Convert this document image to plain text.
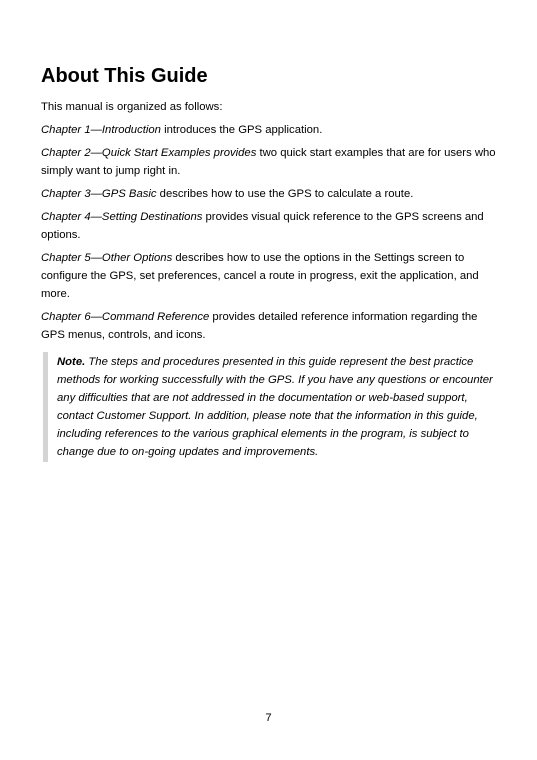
About This Guide

This manual is organized as follows:

Chapter 1—Introduction introduces the GPS application.

Chapter 2—Quick Start Examples provides two quick start examples that are for users who simply want to jump right in.

Chapter 3—GPS Basic describes how to use the GPS to calculate a route.

Chapter 4—Setting Destinations provides visual quick reference to the GPS screens and options.

Chapter 5—Other Options describes how to use the options in the Settings screen to configure the GPS, set preferences, cancel a route in progress, exit the application, and more.

Chapter 6—Command Reference provides detailed reference information regarding the GPS menus, controls, and icons.

Note. The steps and procedures presented in this guide represent the best practice methods for working successfully with the GPS. If you have any questions or encounter any difficulties that are not addressed in the documentation or web-based support, contact Customer Support. In addition, please note that the information in this guide, including references to the various graphical elements in the program, is subject to change due to on-going updates and improvements.
7
